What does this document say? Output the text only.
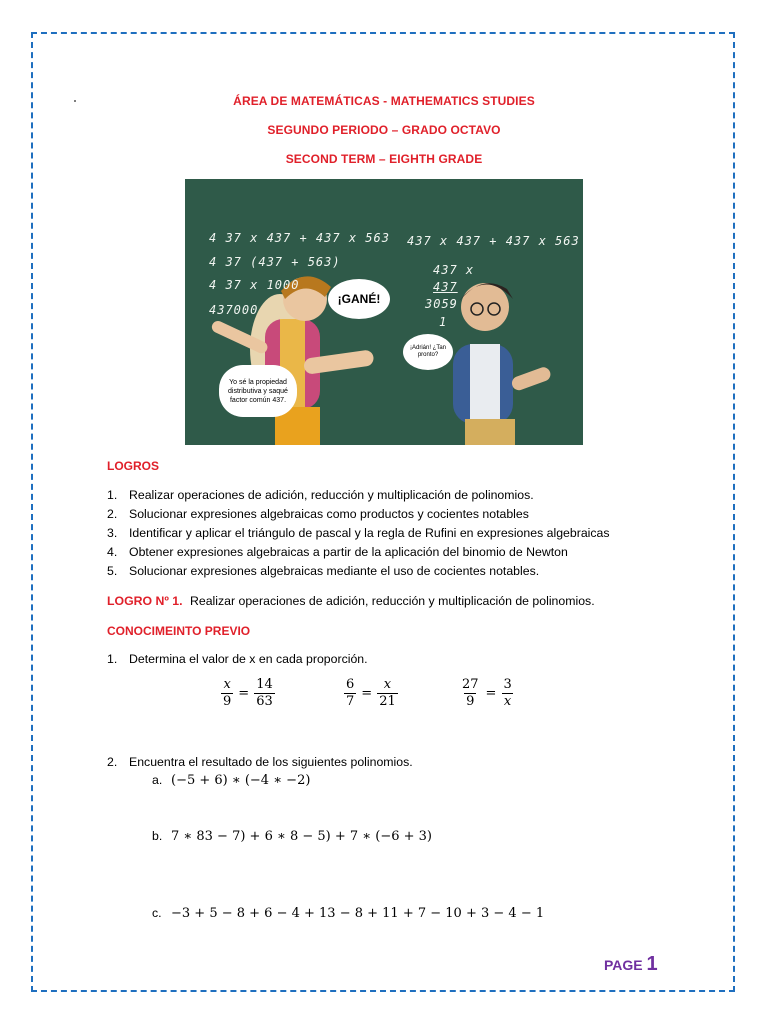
ÁREA DE MATEMÁTICAS - MATHEMATICS STUDIES
SEGUNDO PERIODO – GRADO OCTAVO
SECOND TERM – EIGHTH GRADE
4 37 x 437 + 437 x 563
4 37 (437 + 563)
4 37 x 1000
437000
437 x 437 + 437 x 563
437 x
437
3059
1
¡GANÉ!
¡Adrián! ¿Tan pronto?
Yo sé la propiedad distributiva y saqué factor común 437.
LOGROS
1. Realizar operaciones de adición, reducción y multiplicación de polinomios.
2. Solucionar expresiones algebraicas como productos y cocientes notables
3. Identificar y aplicar el triángulo de pascal y la regla de Rufini en expresiones algebraicas
4. Obtener expresiones algebraicas a partir de la aplicación del binomio de Newton
5. Solucionar expresiones algebraicas mediante el uso de cocientes notables.
LOGRO Nº 1. Realizar operaciones de adición, reducción y multiplicación de polinomios.
CONOCIMEINTO PREVIO
1. Determina el valor de x en cada proporción.
$\frac{x}{9} = \frac{14}{63}$	$\frac{6}{7} = \frac{x}{21}$	$\frac{27}{9} = \frac{3}{x}$
2. Encuentra el resultado de los siguientes polinomios.
a. (−5 + 6) ∗ (−4 ∗ −2)
b. 7 ∗ 83 − 7) + 6 ∗ 8 − 5) + 7 ∗ (−6 + 3)
c. −3 + 5 − 8 + 6 − 4 + 13 − 8 + 11 + 7 − 10 + 3 − 4 − 1
PAGE 1
